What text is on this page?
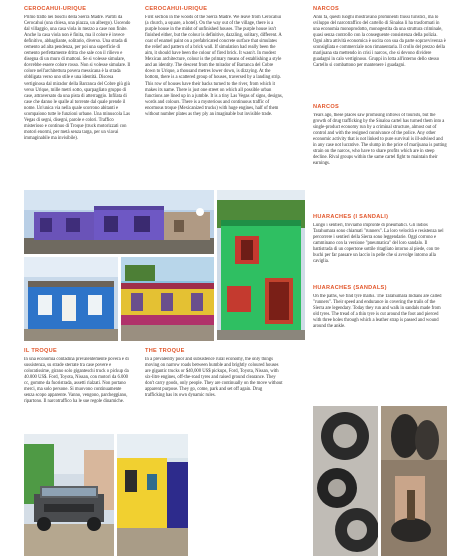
CEROCAHUI-URIQUE

Primo tratto nei boschi della Sierra Madre. Partiti da Cerocahui (una chiesa, una piazza, un albergo). Uscendo dal villaggio, una casa viola in mezzo a case non finite. Anche la casa viola non è finita, ma il colore è invece definitivo, abbagliante, solitario, diverso. Una strada di cemento ad alta pendenza, per poi una superficie di cemento perfettamente dritta che sale con il rilievo e disegna di un muro di mattoni. Se si volesse simulare, dovrebbe essere colore rosso. Non si volesse simulare. Il colore nell'architettura povera messicana è la strada obbligata verso uno stile e una identità. Discesa vertiginosa dal mirador della Barranca del Cobre giù giù verso Urique, mille metri sotto, sparpagliato gruppo di case, attraversato da una pista di atterraggio. Infilata di case che danno le spalle al torrente dal quale prende il nome. Un'unica via nella quale scorrono abitanti e scompaiono tutte le funzioni urbane. Una minuscola Las Vegas di segni, disegni, parole e colori. Traffico misterioso e continuo di Troque (truck motorizzati con motori enormi, per metà senza targa, per un viavai immaginabile ma invisibile).

CEROCAHUI-URIQUE

First section in the woods of the Sierra Madre. We leave from Cerocahui (a church, a square, a hotel). On the way out of the village, there is a purple house in the midst of unfinished houses. The purple house isn't finished either, but the colour is definitive, dazzling, solitary, different. A coat of enamel paint on a prefabricated concrete surface that simulates the relief and pattern of a brick wall. If simulation had really been the aim, it should have been the colour of fired brick. It wasn't. In modest Mexican architecture, colour is the primary means of establishing a style and an identity. The descent from the mirador of Barranca del Cobre down to Urique, a thousand metres lower down, is dizzying. At the bottom, there is a scattered group of houses, traversed by a landing strip. This row of houses have their backs turned to the river, from which it makes its name. There is just one street on which all possible urban functions are lined up in a jumble. It is a tiny Las Vegas of signs, designs, words and colours. There is a mysterious and continuous traffic of enormous troque (Mexicanized trucks) with huge engines, half of them without number plates as they ply an imaginable but invisible trade.

NARCOS

Anni fa, questi luoghi mostravano prominenti flussi turistici, ma lo sviluppo del narcotraffico del cartello di Sinaloa li ha trasformati in una economia monoprodotto, monogestita da una struttura criminale, quasi senza controllo con la conseguente consistenza della polizia. Ogni altra attività economica è uscita con sua da parte sopravvivenza è sconsigliata e commerciale non rimanentaria. Il crollo del prezzo della marijuana sta mettendo in crisi i narcos, che si devono dividere guadagni in calo vertiginoso. Gruppi in lotta all'interno dello stesso Cartello si combattono per mantenere i guadagni.

NARCOS

Years ago, these places saw promising inflows of tourists, but the growth of drug trafficking by the Sinaloa cartel has turned them into a single-product economy run by a criminal structure, almost out of control and with the resigned connivance of the police. Any other economic activity that is not linked to pure survival is ill-advised and in any case not lucrative. The slump in the price of marijuana is putting strain on the narcos, who have to share profits which are in steep decline. Rival groups within the same cartel fight to maintain their earnings.

HUARACHES (I SANDALI)

Lungo i sentieri, troviamo impronte di pneumatici. Gli indios Tarahumara sono chiamati "runners". La loro velocità e resistenza nel percorrere i sentieri della Sierra sono leggendarie. Oggi corrono e camminano con la versione "pneumatica" del loro sandalo. Il battistrada di un copertone sottile ritagliato intorno al piede, con tre buchi per far passare un laccio in pelle che si avvolge intorno alla caviglia.

HUARACHES (SANDALS)

On the paths, we find tyre marks. The Tarahumara Indians are called "runners". Their speed and endurance in covering the trails of the Sierra are legendary. Today they run and walk in sandals made from old tyres. The tread of a thin tyre is cut around the foot and pierced with three holes through which a leather strap is passed and wound around the ankle.

IL TROQUE

In una economia contadina prevalentemente povera e di sussistenza, su strade sterrate tra case povere e coloratissime, girano solo giganteschi truck o pickup da 40.000 US$. Ford, Toyota, Nissan, con motori da 6.000 cc, gomme da fuoristrada, assetti rialzati. Non portano merci, ma solo persone. Si muovono continuamente senza scopo apparente. Vanno, vengono, parcheggiano, ripartono. Il narcotraffico ha le sue regole dinamiche.

THE TROQUE

In a prevalently poor and subsistence rural economy, the only things moving on narrow roads between humble and brightly coloured houses are gigantic trucks or $40,000 US$ pickups, Ford, Toyota, Nissan, with six-litre engines, off-the-road tyres and raised ground clearance. They don't carry goods, only people. They are continually on the move without apparent purpose. They go, come, park and set off again. Drug trafficking has its own dynamic rules.
